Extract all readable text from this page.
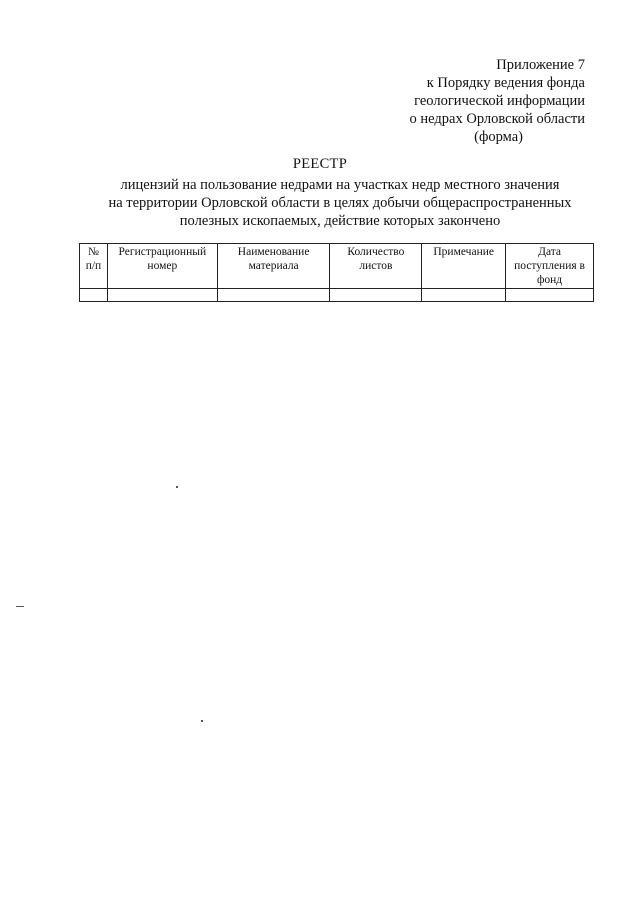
Приложение 7
к Порядку ведения фонда
геологической информации
о недрах Орловской области
(форма)
РЕЕСТР
лицензий на пользование недрами на участках недр местного значения
на территории Орловской области в целях добычи общераспространенных
полезных ископаемых, действие которых закончено
№ п/п	Регистрационный номер	Наименование материала	Количество листов	Примечание	Дата поступления в фонд
